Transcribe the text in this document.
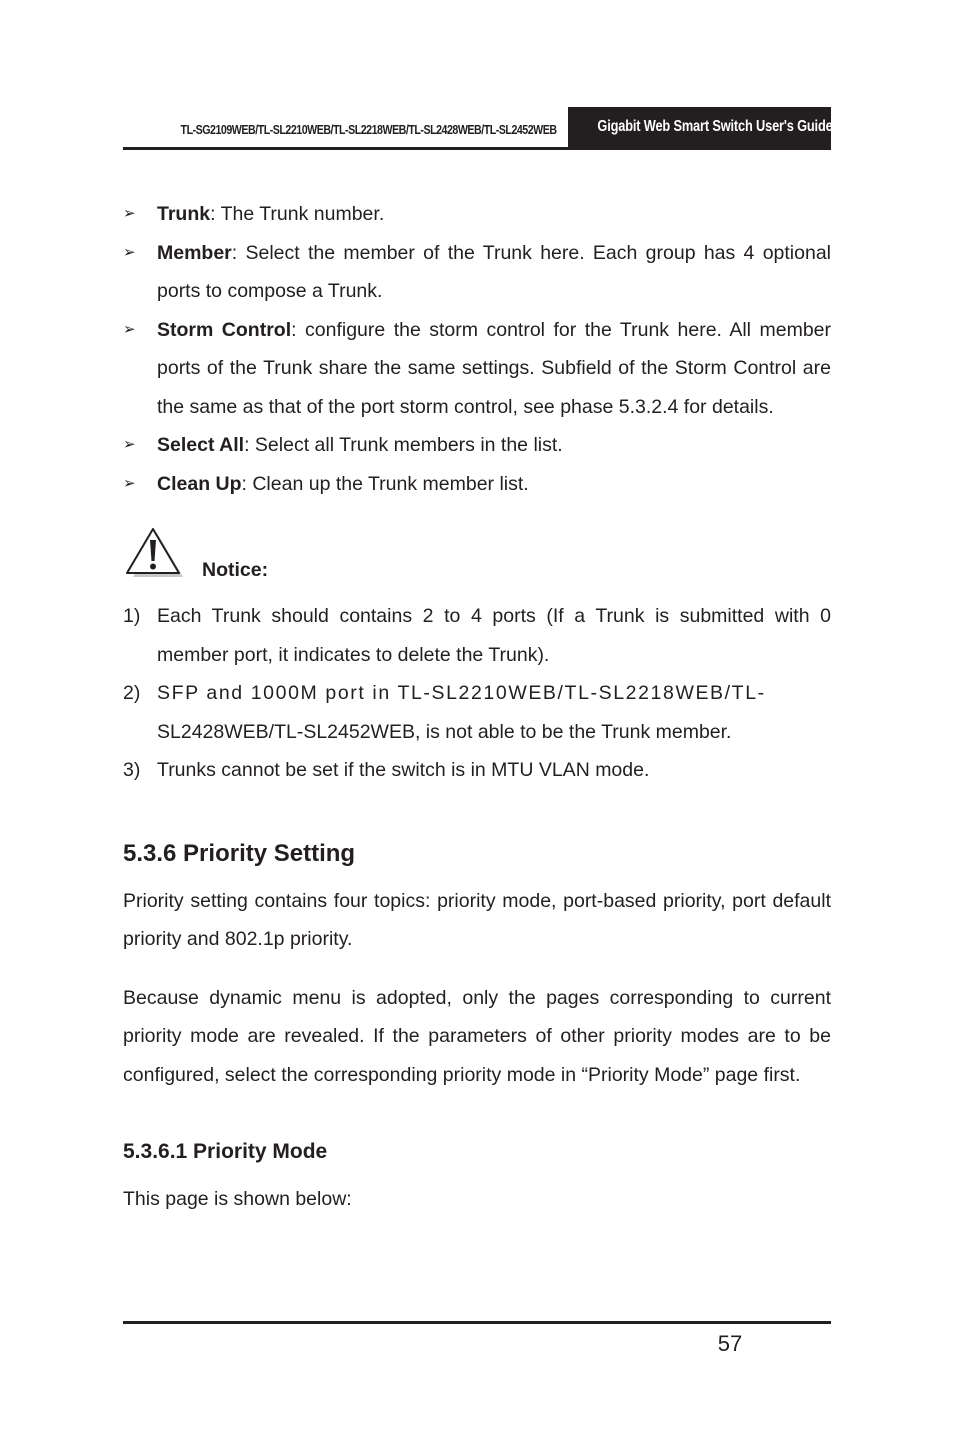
TL-SG2109WEB/TL-SL2210WEB/TL-SL2218WEB/TL-SL2428WEB/TL-SL2452WEB	Gigabit Web Smart Switch User's Guide
➢ Trunk: The Trunk number.
➢ Member: Select the member of the Trunk here. Each group has 4 optional ports to compose a Trunk.
➢ Storm Control: configure the storm control for the Trunk here. All member ports of the Trunk share the same settings. Subfield of the Storm Control are the same as that of the port storm control, see phase 5.3.2.4 for details.
➢ Select All: Select all Trunk members in the list.
➢ Clean Up: Clean up the Trunk member list.
Notice:
1) Each Trunk should contains 2 to 4 ports (If a Trunk is submitted with 0 member port, it indicates to delete the Trunk).
2) SFP and 1000M port in TL-SL2210WEB/TL-SL2218WEB/TL-
SL2428WEB/TL-SL2452WEB, is not able to be the Trunk member.
3) Trunks cannot be set if the switch is in MTU VLAN mode.
5.3.6 Priority Setting

Priority setting contains four topics: priority mode, port-based priority, port default priority and 802.1p priority.

Because dynamic menu is adopted, only the pages corresponding to current priority mode are revealed. If the parameters of other priority modes are to be configured, select the corresponding priority mode in “Priority Mode” page first.

5.3.6.1 Priority Mode

This page is shown below:

57
